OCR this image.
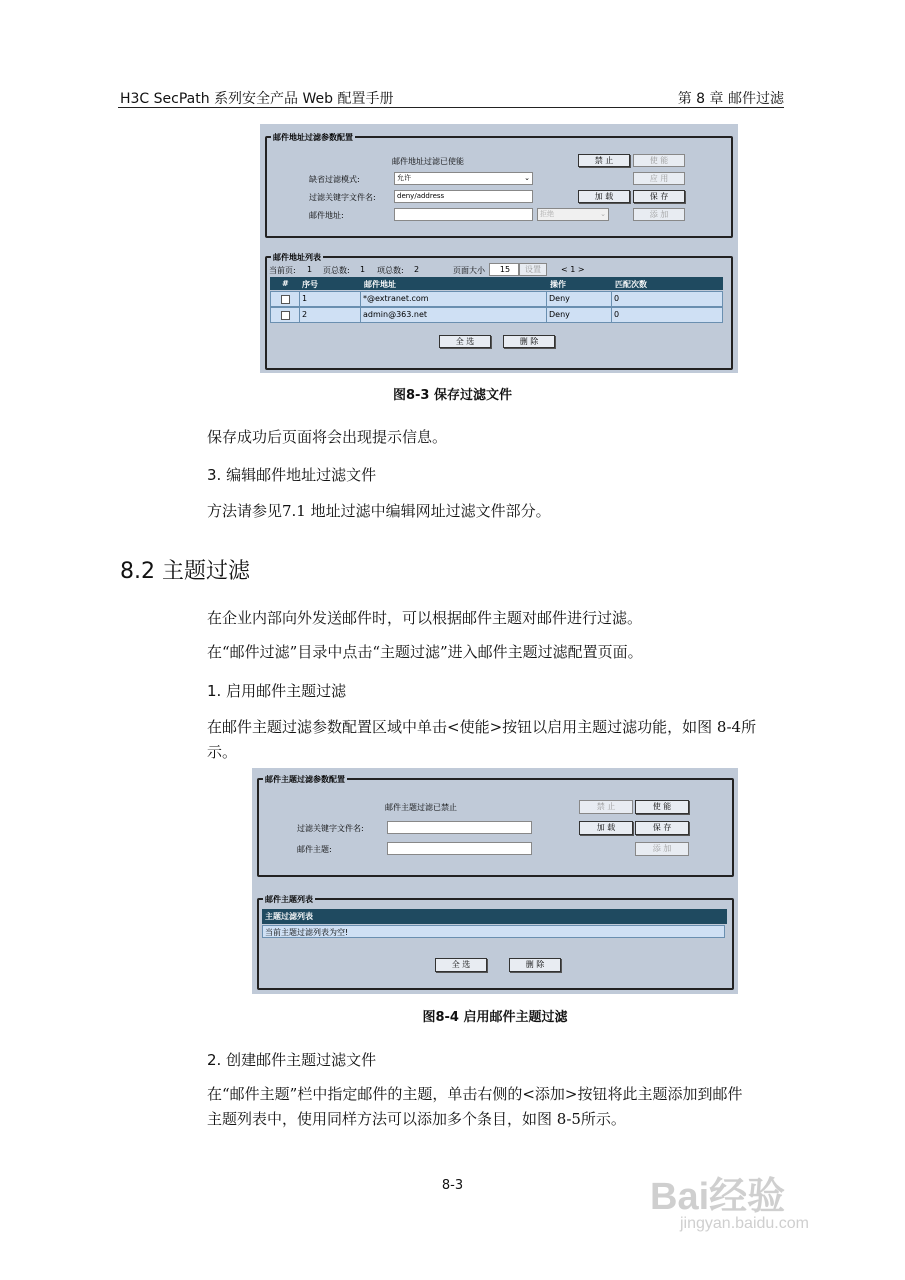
H3C SecPath 系列安全产品 Web 配置手册	第 8 章 邮件过滤
邮件地址过滤参数配置
邮件地址过滤已使能	禁 止	使 能
缺省过滤模式:	允许	⌄	应 用
过滤关键字文件名:	deny/address	加 载	保 存
邮件地址:	拒绝	⌄	添 加
邮件地址列表
当前页: 1 页总数: 1 项总数: 2	页面大小	15	设置	< 1 >
# 序号	邮件地址	操作	匹配次数
1	*@extranet.com	Deny	0
2	admin@363.net	Deny	0
全 选	删 除
图8-3 保存过滤文件
保存成功后页面将会出现提示信息。
3. 编辑邮件地址过滤文件
方法请参见7.1 地址过滤中编辑网址过滤文件部分。
8.2 主题过滤
在企业内部向外发送邮件时，可以根据邮件主题对邮件进行过滤。
在“邮件过滤”目录中点击“主题过滤”进入邮件主题过滤配置页面。
1. 启用邮件主题过滤
在邮件主题过滤参数配置区域中单击<使能>按钮以启用主题过滤功能，如图 8-4所
示。
邮件主题过滤参数配置
邮件主题过滤已禁止	禁 止	使 能
过滤关键字文件名:	加 载	保 存
邮件主题:	添 加
邮件主题列表
主题过滤列表
当前主题过滤列表为空!
全 选	删 除
图8-4 启用邮件主题过滤
2. 创建邮件主题过滤文件
在“邮件主题”栏中指定邮件的主题，单击右侧的<添加>按钮将此主题添加到邮件
主题列表中，使用同样方法可以添加多个条目，如图 8-5所示。
8-3	Bai经验
jingyan.baidu.com
